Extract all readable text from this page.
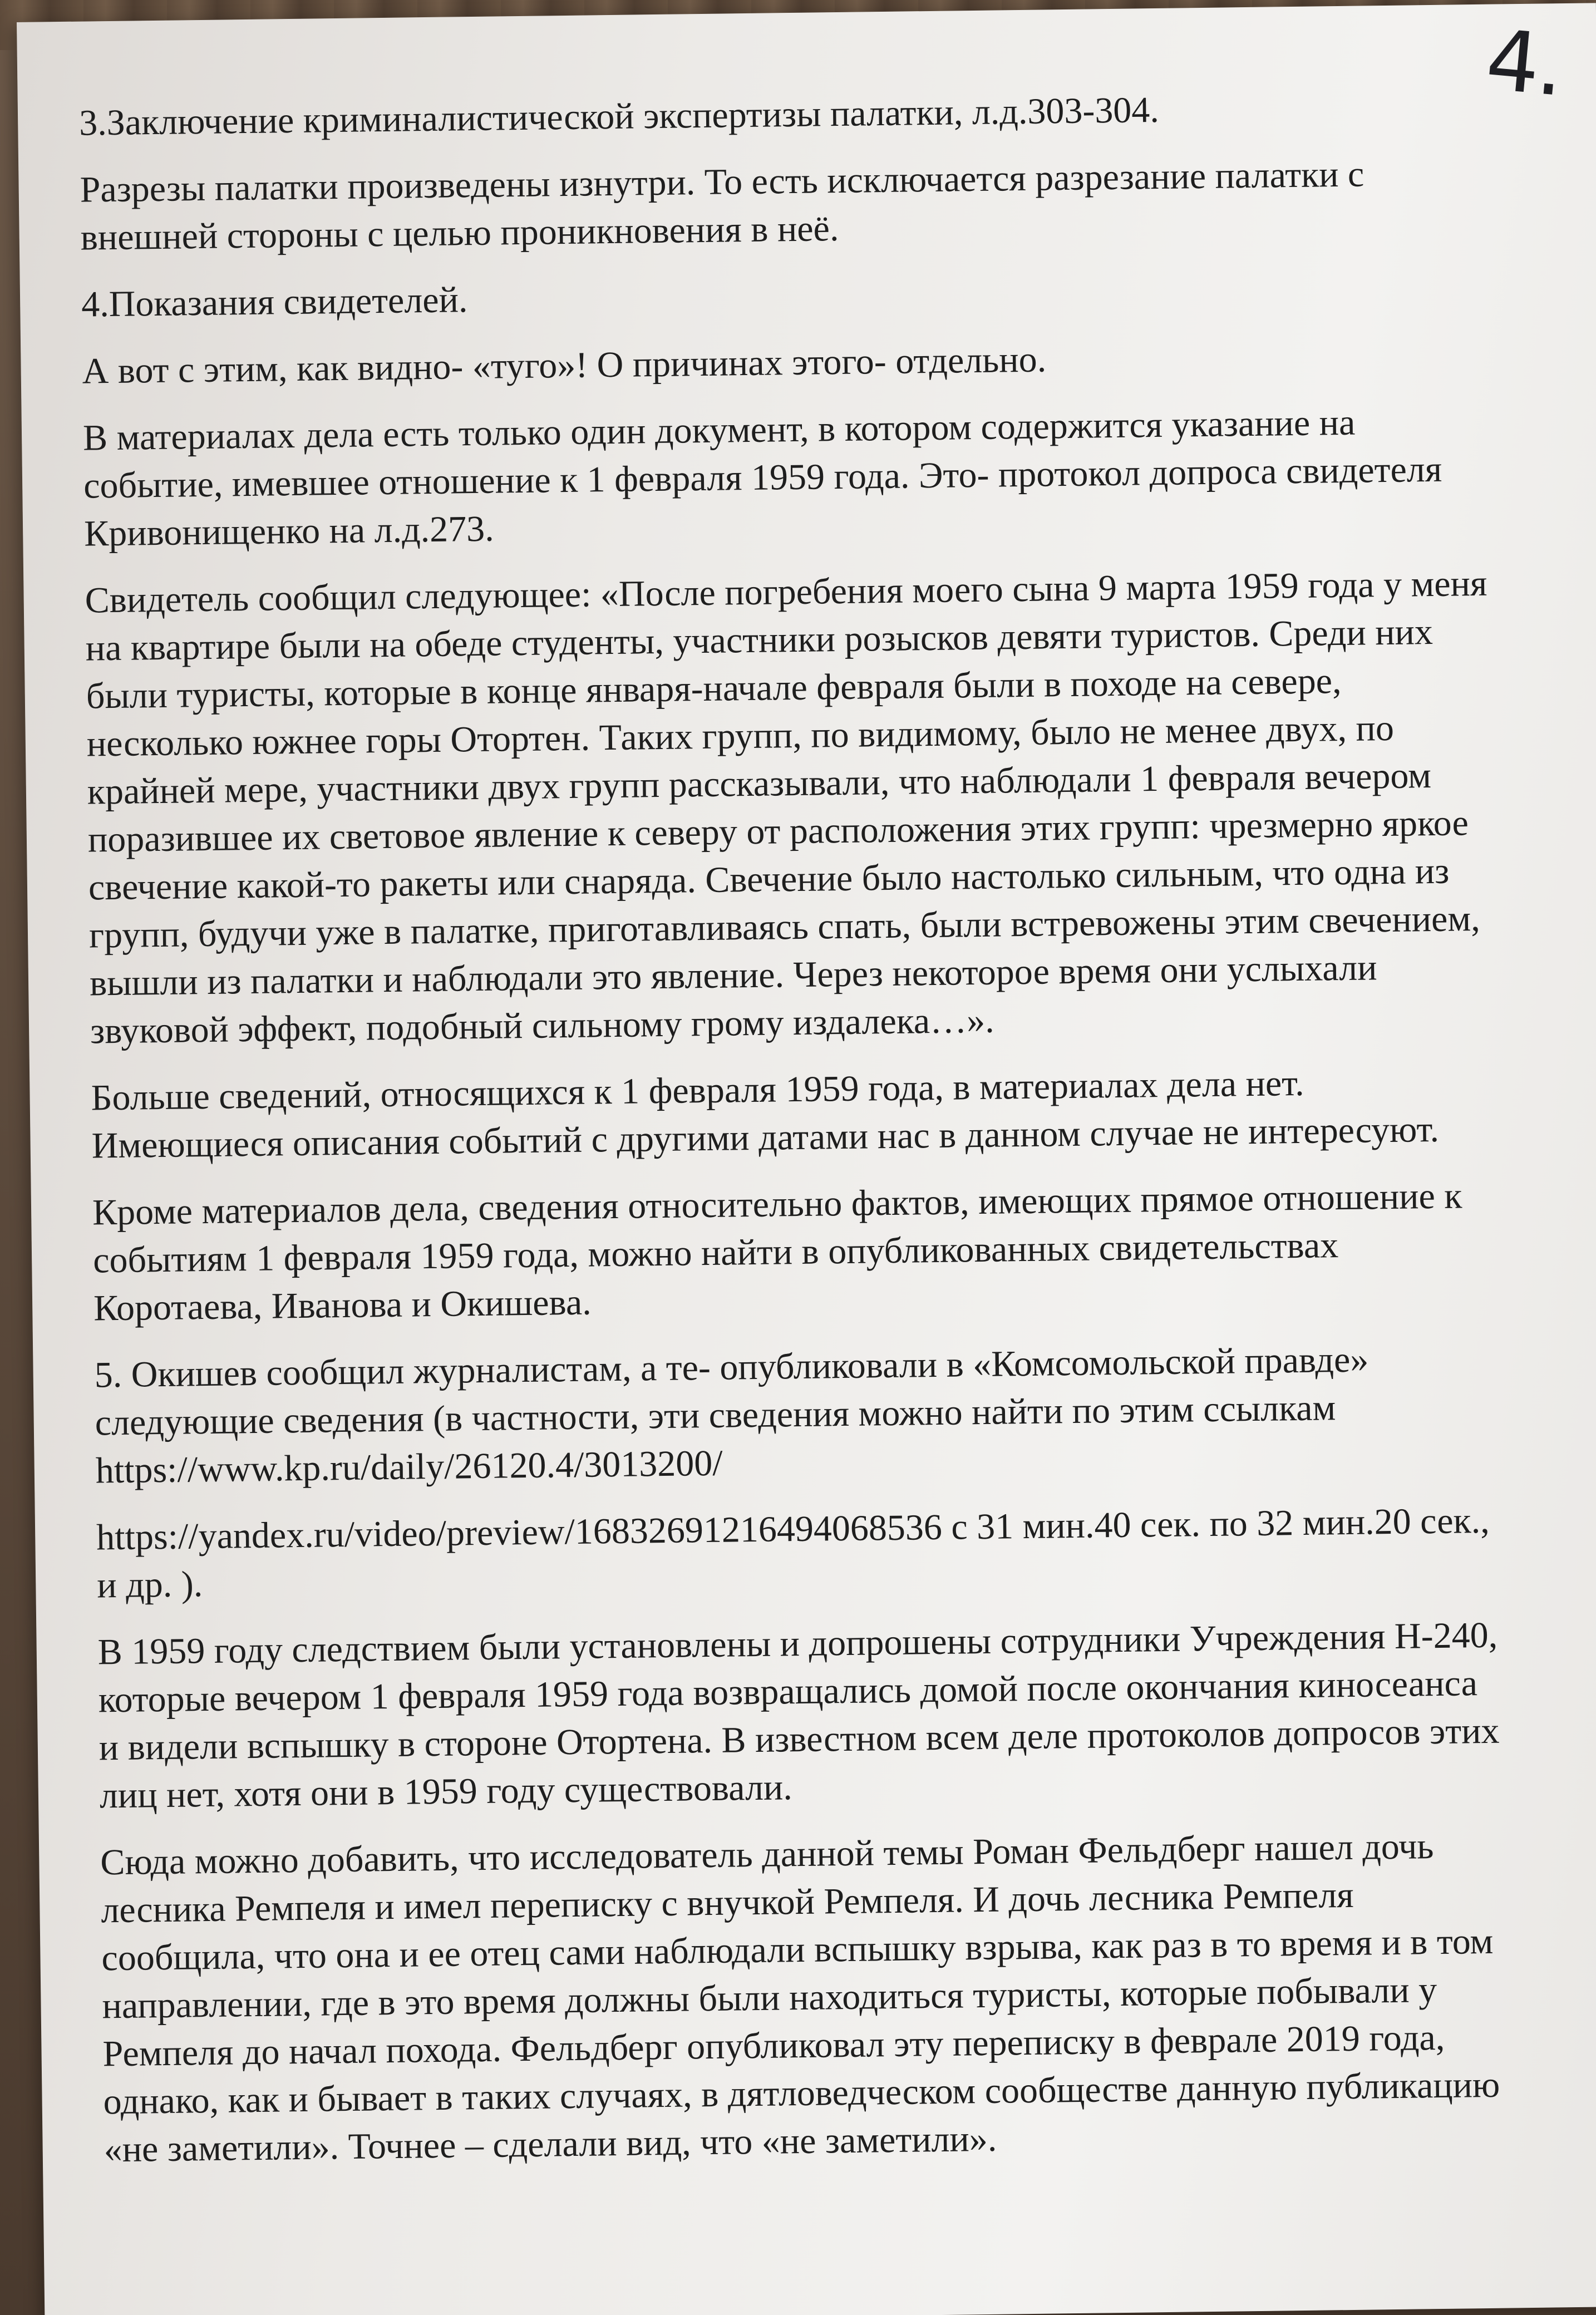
4.

3.Заключение криминалистической экспертизы палатки, л.д.303-304.

Разрезы палатки произведены изнутри. То есть исключается разрезание палатки с
внешней стороны с целью проникновения в неё.

4.Показания свидетелей.

А вот с этим, как видно- «туго»! О причинах этого- отдельно.

В материалах дела есть только один документ, в котором содержится указание на
событие, имевшее отношение к 1 февраля 1959 года. Это- протокол допроса свидетеля
Кривонищенко на л.д.273.

Свидетель сообщил следующее: «После погребения моего сына 9 марта 1959 года у меня
на квартире были на обеде студенты, участники розысков девяти туристов. Среди них
были туристы, которые в конце января-начале февраля были в походе на севере,
несколько южнее горы Отортен. Таких групп, по видимому, было не менее двух, по
крайней мере, участники двух групп рассказывали, что наблюдали 1 февраля вечером
поразившее их световое явление к северу от расположения этих групп: чрезмерно яркое
свечение какой-то ракеты или снаряда. Свечение было настолько сильным, что одна из
групп, будучи уже в палатке, приготавливаясь спать, были встревожены этим свечением,
вышли из палатки и наблюдали это явление. Через некоторое время они услыхали
звуковой эффект, подобный сильному грому издалека…».

Больше сведений, относящихся к 1 февраля 1959 года, в материалах дела нет.
Имеющиеся описания событий с другими датами нас в данном случае не интересуют.

Кроме материалов дела, сведения относительно фактов, имеющих прямое отношение к
событиям 1 февраля 1959 года, можно найти в опубликованных свидетельствах
Коротаева, Иванова и Окишева.

5. Окишев сообщил журналистам, а те- опубликовали в «Комсомольской правде»
следующие сведения (в частности, эти сведения можно найти по этим ссылкам
https://www.kp.ru/daily/26120.4/3013200/

https://yandex.ru/video/preview/16832691216494068536 с 31 мин.40 сек. по 32 мин.20 сек.,
и др. ).

В 1959 году следствием были установлены и допрошены сотрудники Учреждения Н-240,
которые вечером 1 февраля 1959 года возвращались домой после окончания киносеанса
и видели вспышку в стороне Отортена. В известном всем деле протоколов допросов этих
лиц нет, хотя они в 1959 году существовали.

Сюда можно добавить, что исследователь данной темы Роман Фельдберг нашел дочь
лесника Ремпеля и имел переписку с внучкой Ремпеля. И дочь лесника Ремпеля
сообщила, что она и ее отец сами наблюдали вспышку взрыва, как раз в то время и в том
направлении, где в это время должны были находиться туристы, которые побывали у
Ремпеля до начал похода. Фельдберг опубликовал эту переписку в феврале 2019 года,
однако, как и бывает в таких случаях, в дятловедческом сообществе данную публикацию
«не заметили». Точнее – сделали вид, что «не заметили».
